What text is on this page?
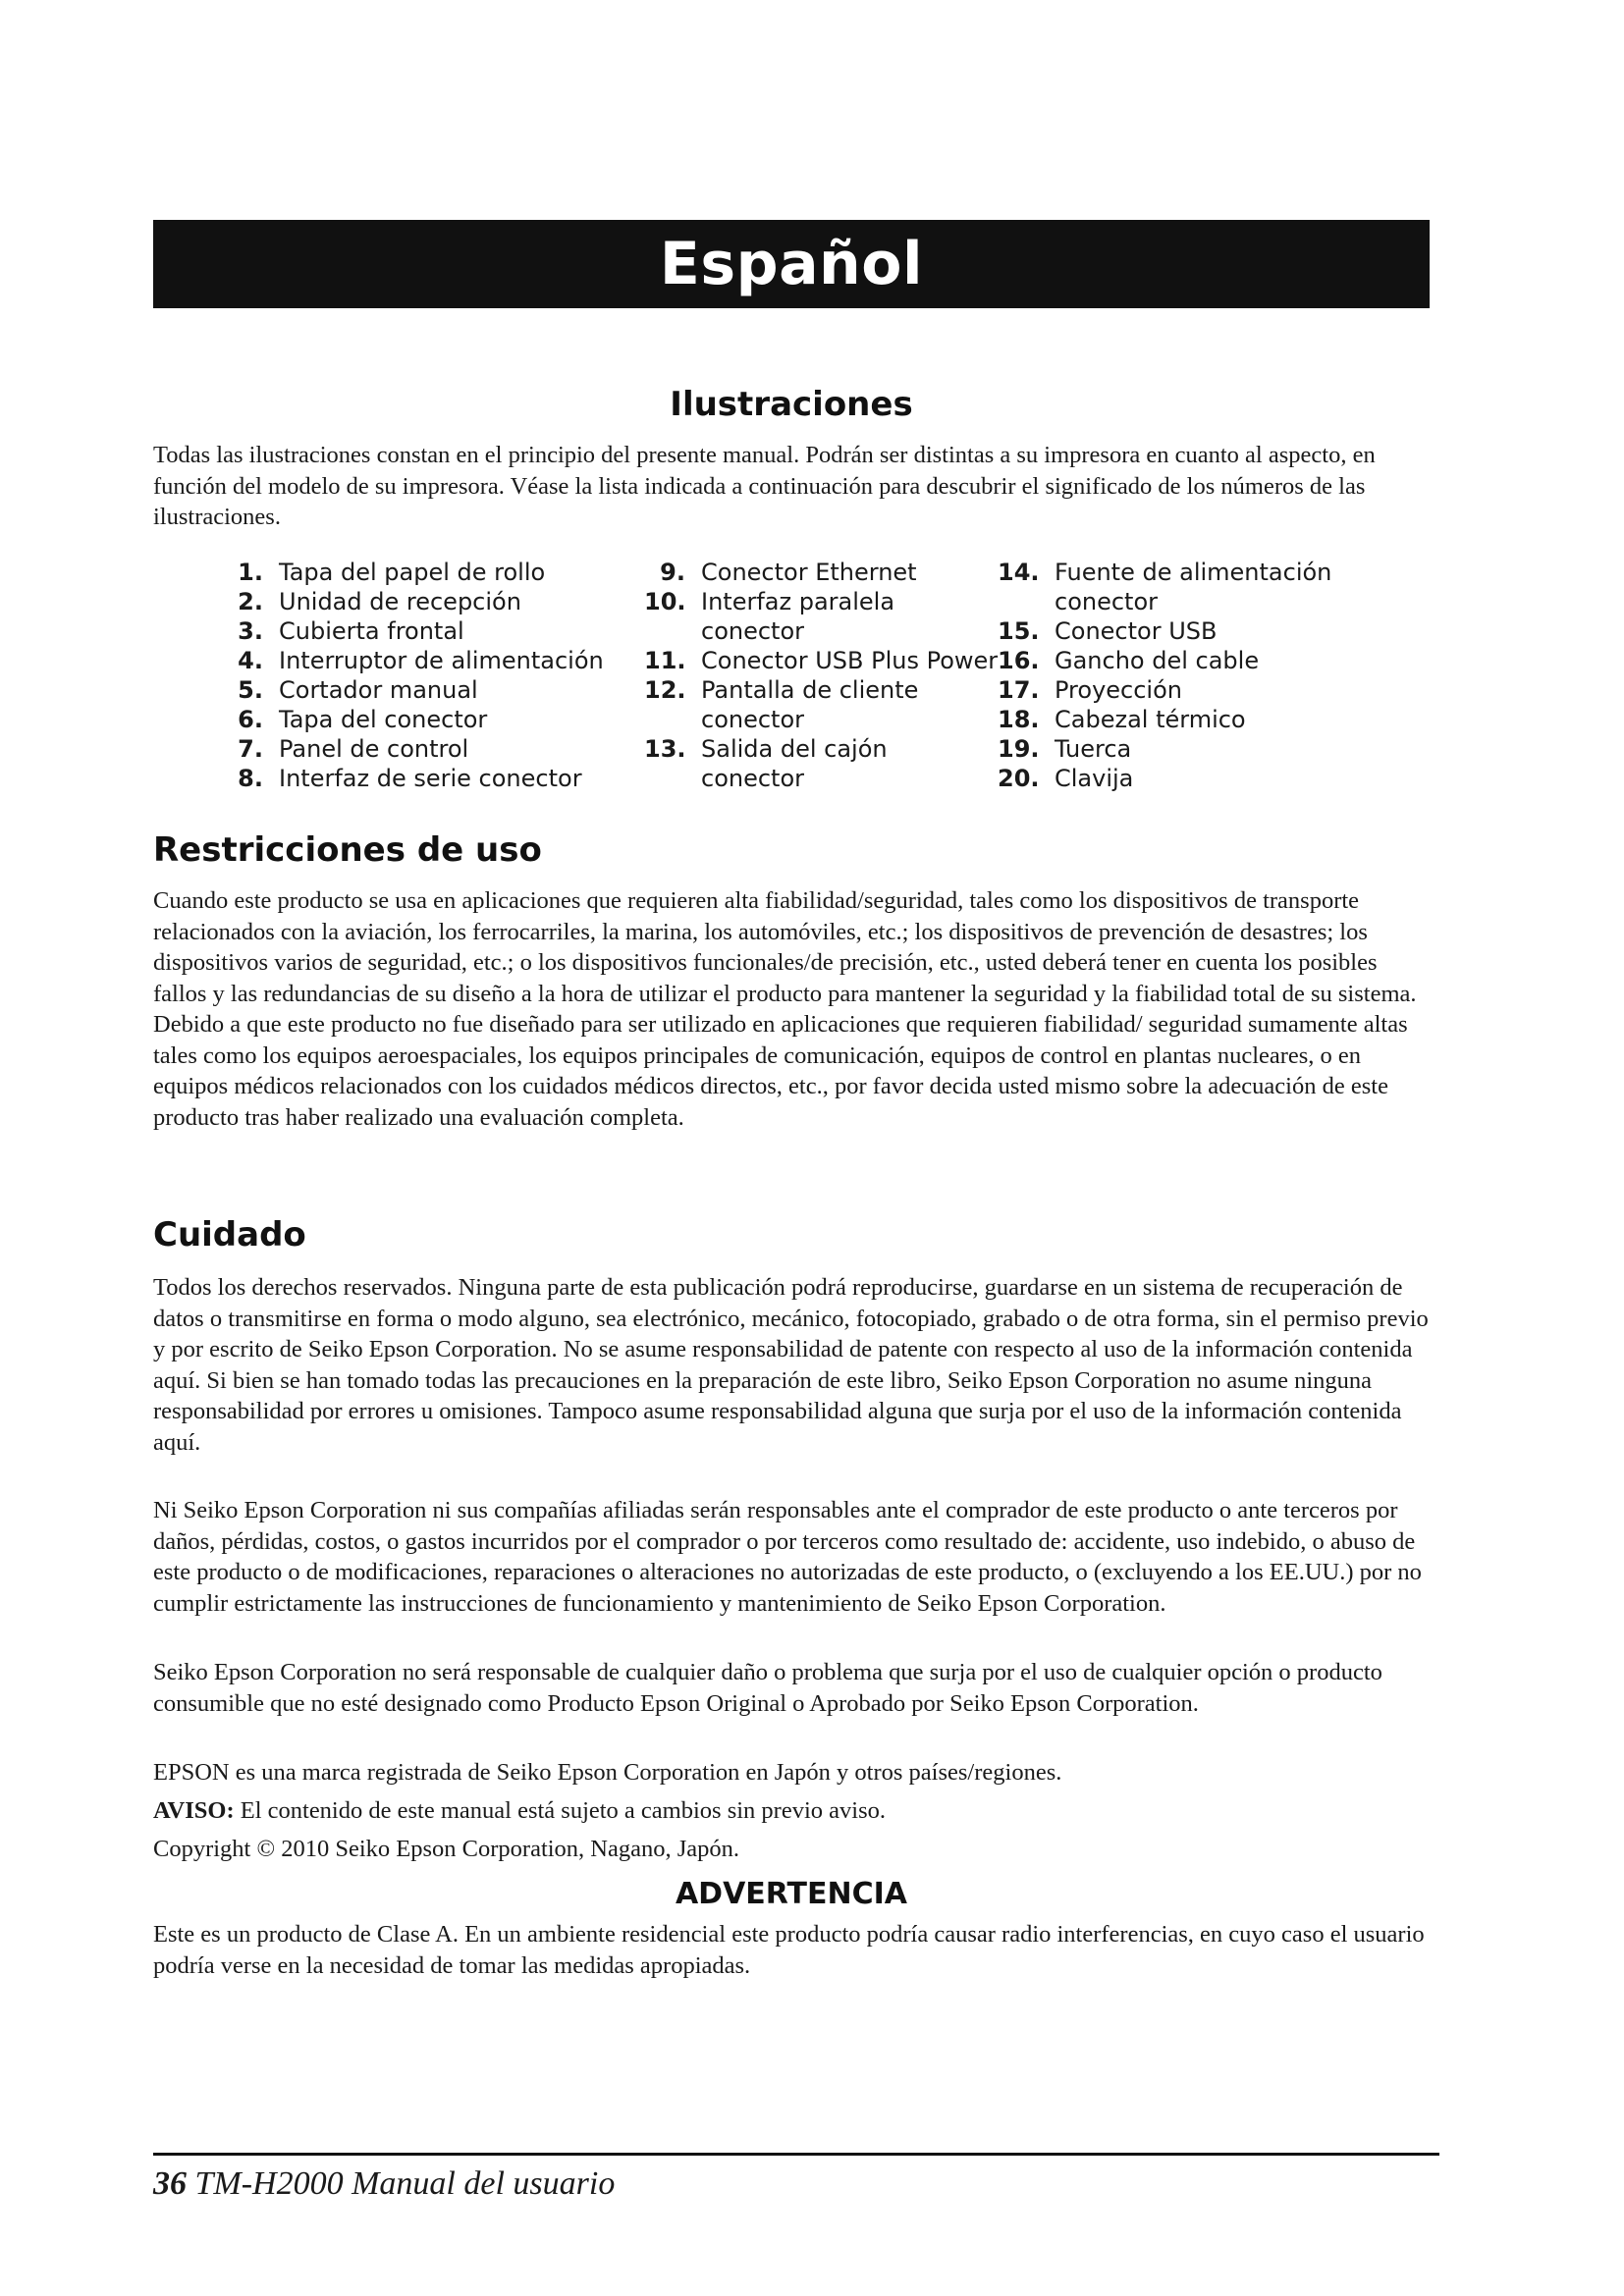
Español
Ilustraciones

Todas las ilustraciones constan en el principio del presente manual. Podrán ser distintas a su impresora en cuanto al aspecto, en función del modelo de su impresora. Véase la lista indicada a continuación para descubrir el significado de los números de las ilustraciones.

1. Tapa del papel de rollo
2. Unidad de recepción
3. Cubierta frontal
4. Interruptor de alimentación
5. Cortador manual
6. Tapa del conector
7. Panel de control
8. Interfaz de serie conector
9. Conector Ethernet
10. Interfaz paralela
conector
11. Conector USB Plus Power
12. Pantalla de cliente
conector
13. Salida del cajón
conector
14. Fuente de alimentación
conector
15. Conector USB
16. Gancho del cable
17. Proyección
18. Cabezal térmico
19. Tuerca
20. Clavija
Restricciones de uso

Cuando este producto se usa en aplicaciones que requieren alta fiabilidad/seguridad, tales como los dispositivos de transporte relacionados con la aviación, los ferrocarriles, la marina, los automóviles, etc.; los dispositivos de prevención de desastres; los dispositivos varios de seguridad, etc.; o los dispositivos funcionales/de precisión, etc., usted deberá tener en cuenta los posibles fallos y las redundancias de su diseño a la hora de utilizar el producto para mantener la seguridad y la fiabilidad total de su sistema. Debido a que este producto no fue diseñado para ser utilizado en aplicaciones que requieren fiabilidad/ seguridad sumamente altas tales como los equipos aeroespaciales, los equipos principales de comunicación, equipos de control en plantas nucleares, o en equipos médicos relacionados con los cuidados médicos directos, etc., por favor decida usted mismo sobre la adecuación de este producto tras haber realizado una evaluación completa.

Cuidado

Todos los derechos reservados. Ninguna parte de esta publicación podrá reproducirse, guardarse en un sistema de recuperación de datos o transmitirse en forma o modo alguno, sea electrónico, mecánico, fotocopiado, grabado o de otra forma, sin el permiso previo y por escrito de Seiko Epson Corporation. No se asume responsabilidad de patente con respecto al uso de la información contenida aquí. Si bien se han tomado todas las precauciones en la preparación de este libro, Seiko Epson Corporation no asume ninguna responsabilidad por errores u omisiones. Tampoco asume responsabilidad alguna que surja por el uso de la información contenida aquí.

Ni Seiko Epson Corporation ni sus compañías afiliadas serán responsables ante el comprador de este producto o ante terceros por daños, pérdidas, costos, o gastos incurridos por el comprador o por terceros como resultado de: accidente, uso indebido, o abuso de este producto o de modificaciones, reparaciones o alteraciones no autorizadas de este producto, o (excluyendo a los EE.UU.) por no cumplir estrictamente las instrucciones de funcionamiento y mantenimiento de Seiko Epson Corporation.

Seiko Epson Corporation no será responsable de cualquier daño o problema que surja por el uso de cualquier opción o producto consumible que no esté designado como Producto Epson Original o Aprobado por Seiko Epson Corporation.

EPSON es una marca registrada de Seiko Epson Corporation en Japón y otros países/regiones.

AVISO: El contenido de este manual está sujeto a cambios sin previo aviso.

Copyright © 2010 Seiko Epson Corporation, Nagano, Japón.

ADVERTENCIA

Este es un producto de Clase A. En un ambiente residencial este producto podría causar radio interferencias, en cuyo caso el usuario podría verse en la necesidad de tomar las medidas apropiadas.

36 TM-H2000 Manual del usuario
